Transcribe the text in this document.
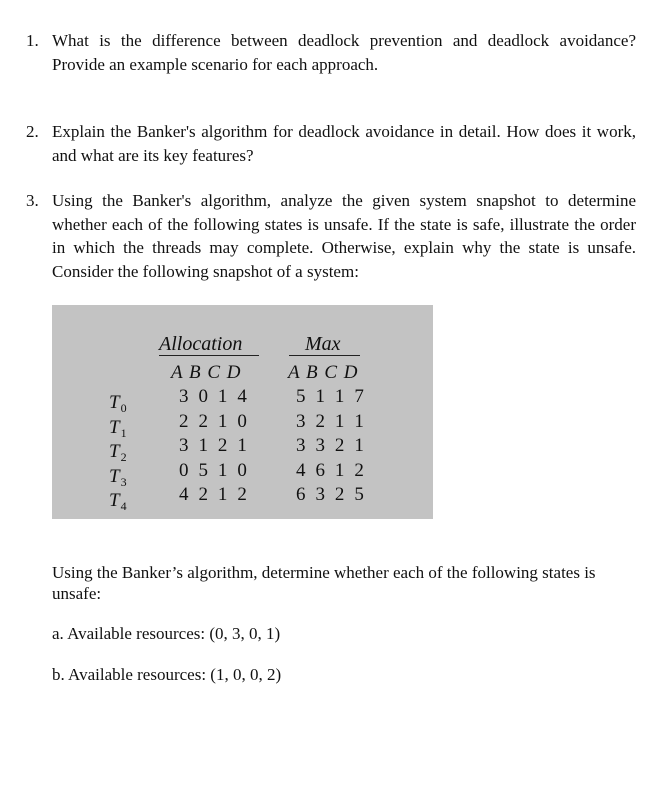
1. What is the difference between deadlock prevention and deadlock avoidance? Provide an example scenario for each approach.
2. Explain the Banker's algorithm for deadlock avoidance in detail. How does it work, and what are its key features?
3. Using the Banker's algorithm, analyze the given system snapshot to determine whether each of the following states is unsafe. If the state is safe, illustrate the order in which the threads may complete. Otherwise, explain why the state is unsafe. Consider the following snapshot of a system:
Allocation	Max
A B C D A B C D
$T_0$
$T_1$
$T_2$
$T_3$
$T_4$
3 0 1 4
2 2 1 0
3 1 2 1
0 5 1 0
4 2 1 2
5 1 1 7
3 2 1 1
3 3 2 1
4 6 1 2
6 3 2 5
Using the Banker’s algorithm, determine whether each of the following states is unsafe:
a. Available resources: (0, 3, 0, 1)
b. Available resources: (1, 0, 0, 2)
